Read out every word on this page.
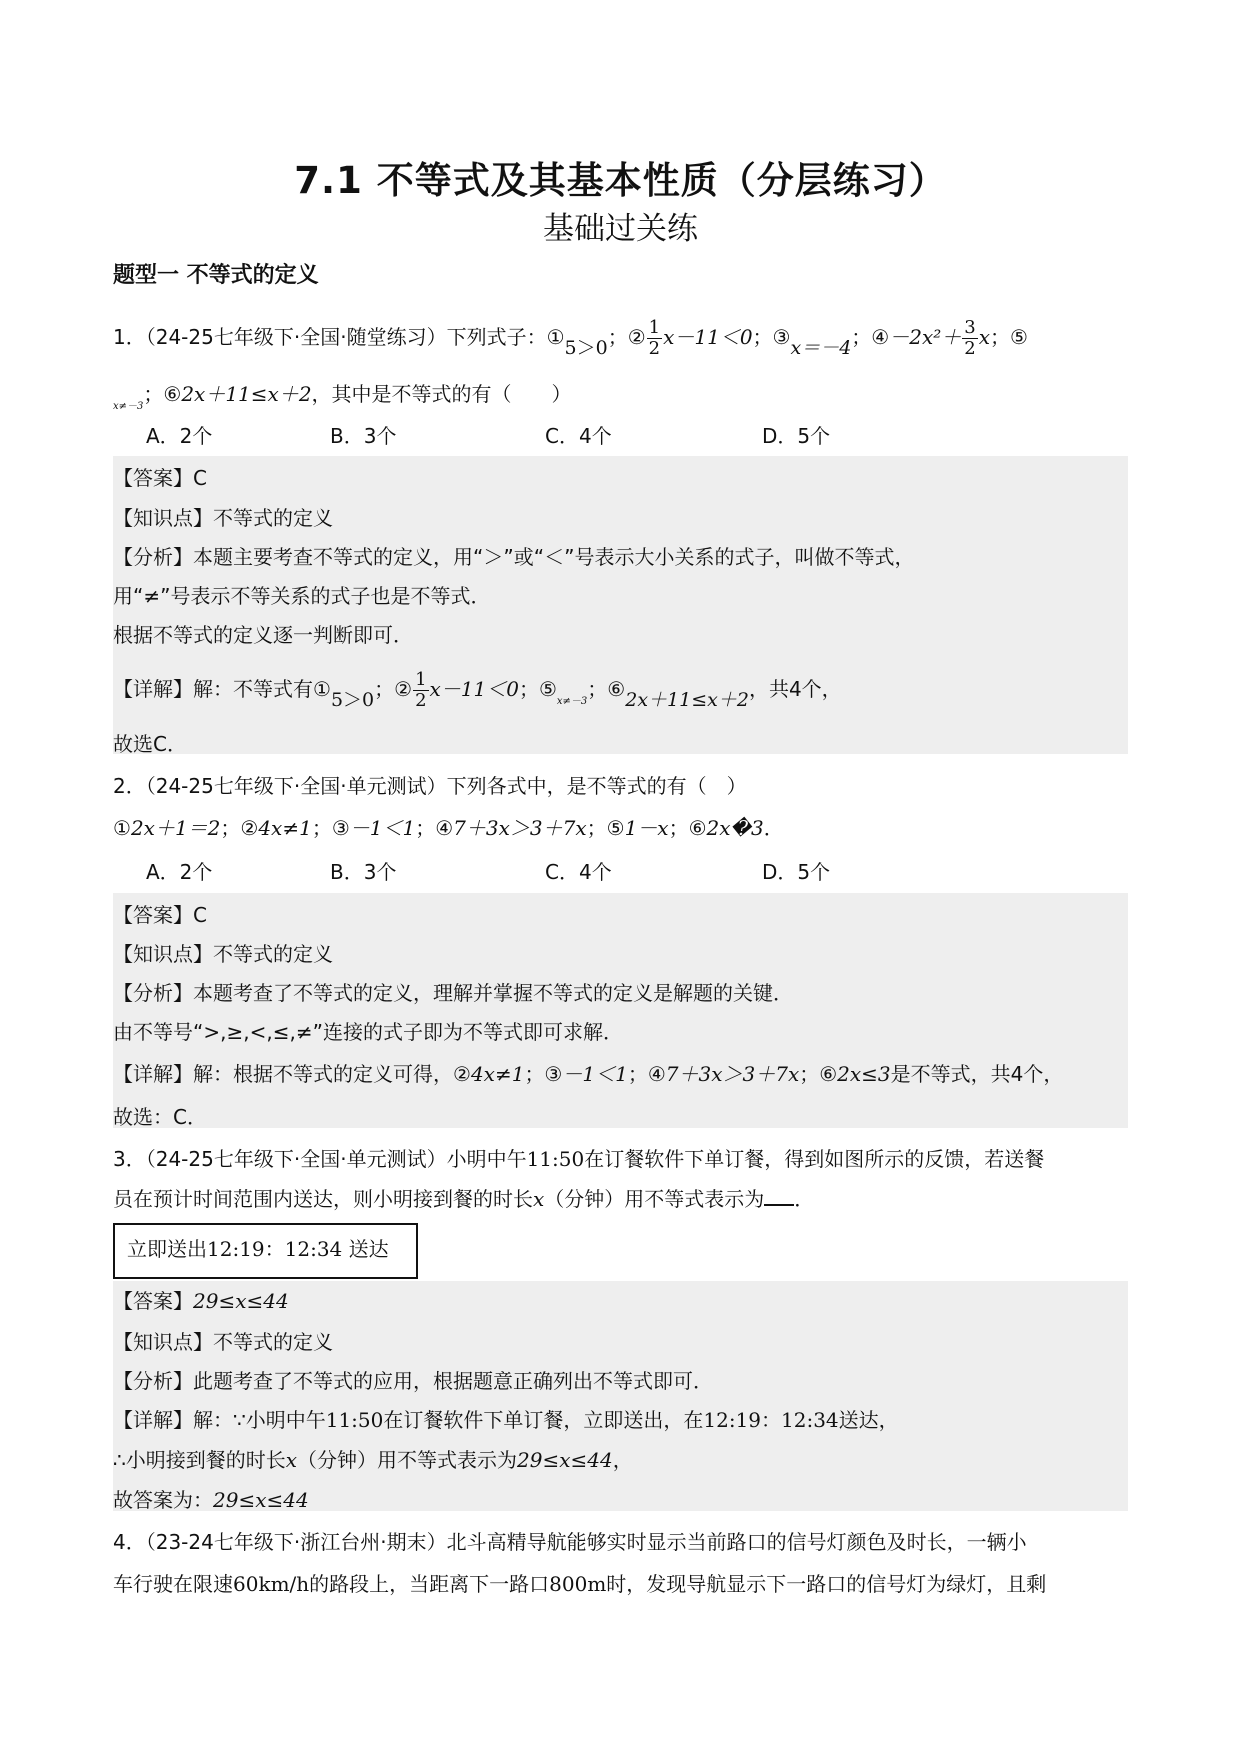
7.1 不等式及其基本性质（分层练习）
基础过关练
题型一 不等式的定义
1．（24-25七年级下·全国·随堂练习）下列式子：①5＞0；② $\frac{1}{2} x-11<0$；③x＝－4；④－2x²＋ $\frac{3}{2}$ x；⑤
$_{x\ne-3}$；⑥2x＋11≤x＋2，其中是不等式的有（　　）
A．2个	B．3个	C．4个	D．5个
【答案】C
【知识点】不等式的定义
【分析】本题主要考查不等式的定义，用“＞”或“＜”号表示大小关系的式子，叫做不等式，
用“≠”号表示不等关系的式子也是不等式．
根据不等式的定义逐一判断即可．
【详解】解：不等式有①5＞0；② $\frac{1}{2} x-11<0$；$⑤_{x\ne-3}$；⑥2x＋11≤x＋2，共4个，
故选C．
2．（24-25七年级下·全国·单元测试）下列各式中，是不等式的有（　）
①2x＋1＝2；②4x≠1；③－1＜1；④7＋3x＞3＋7x；⑤1－x；⑥2x�3．
A．2个	B．3个	C．4个	D．5个
【答案】C
【知识点】不等式的定义
【分析】本题考查了不等式的定义，理解并掌握不等式的定义是解题的关键．
由不等号“>,≥,<,≤,≠”连接的式子即为不等式即可求解．
【详解】解：根据不等式的定义可得，②4x≠1；③－1＜1；④7＋3x＞3＋7x；⑥2x≤3是不等式，共4个，
故选：C．
3．（24-25七年级下·全国·单元测试）小明中午11:50在订餐软件下单订餐，得到如图所示的反馈，若送餐
员在预计时间范围内送达，则小明接到餐的时长x（分钟）用不等式表示为 ．
立即送出12:19：12:34 送达
【答案】29≤x≤44
【知识点】不等式的定义
【分析】此题考查了不等式的应用，根据题意正确列出不等式即可．
【详解】解：∵小明中午11:50在订餐软件下单订餐，立即送出，在12:19：12:34送达，
∴小明接到餐的时长x（分钟）用不等式表示为29≤x≤44，
故答案为：29≤x≤44
4．（23-24七年级下·浙江台州·期末）北斗高精导航能够实时显示当前路口的信号灯颜色及时长，一辆小
车行驶在限速60km/h的路段上，当距离下一路口800m时，发现导航显示下一路口的信号灯为绿灯，且剩
